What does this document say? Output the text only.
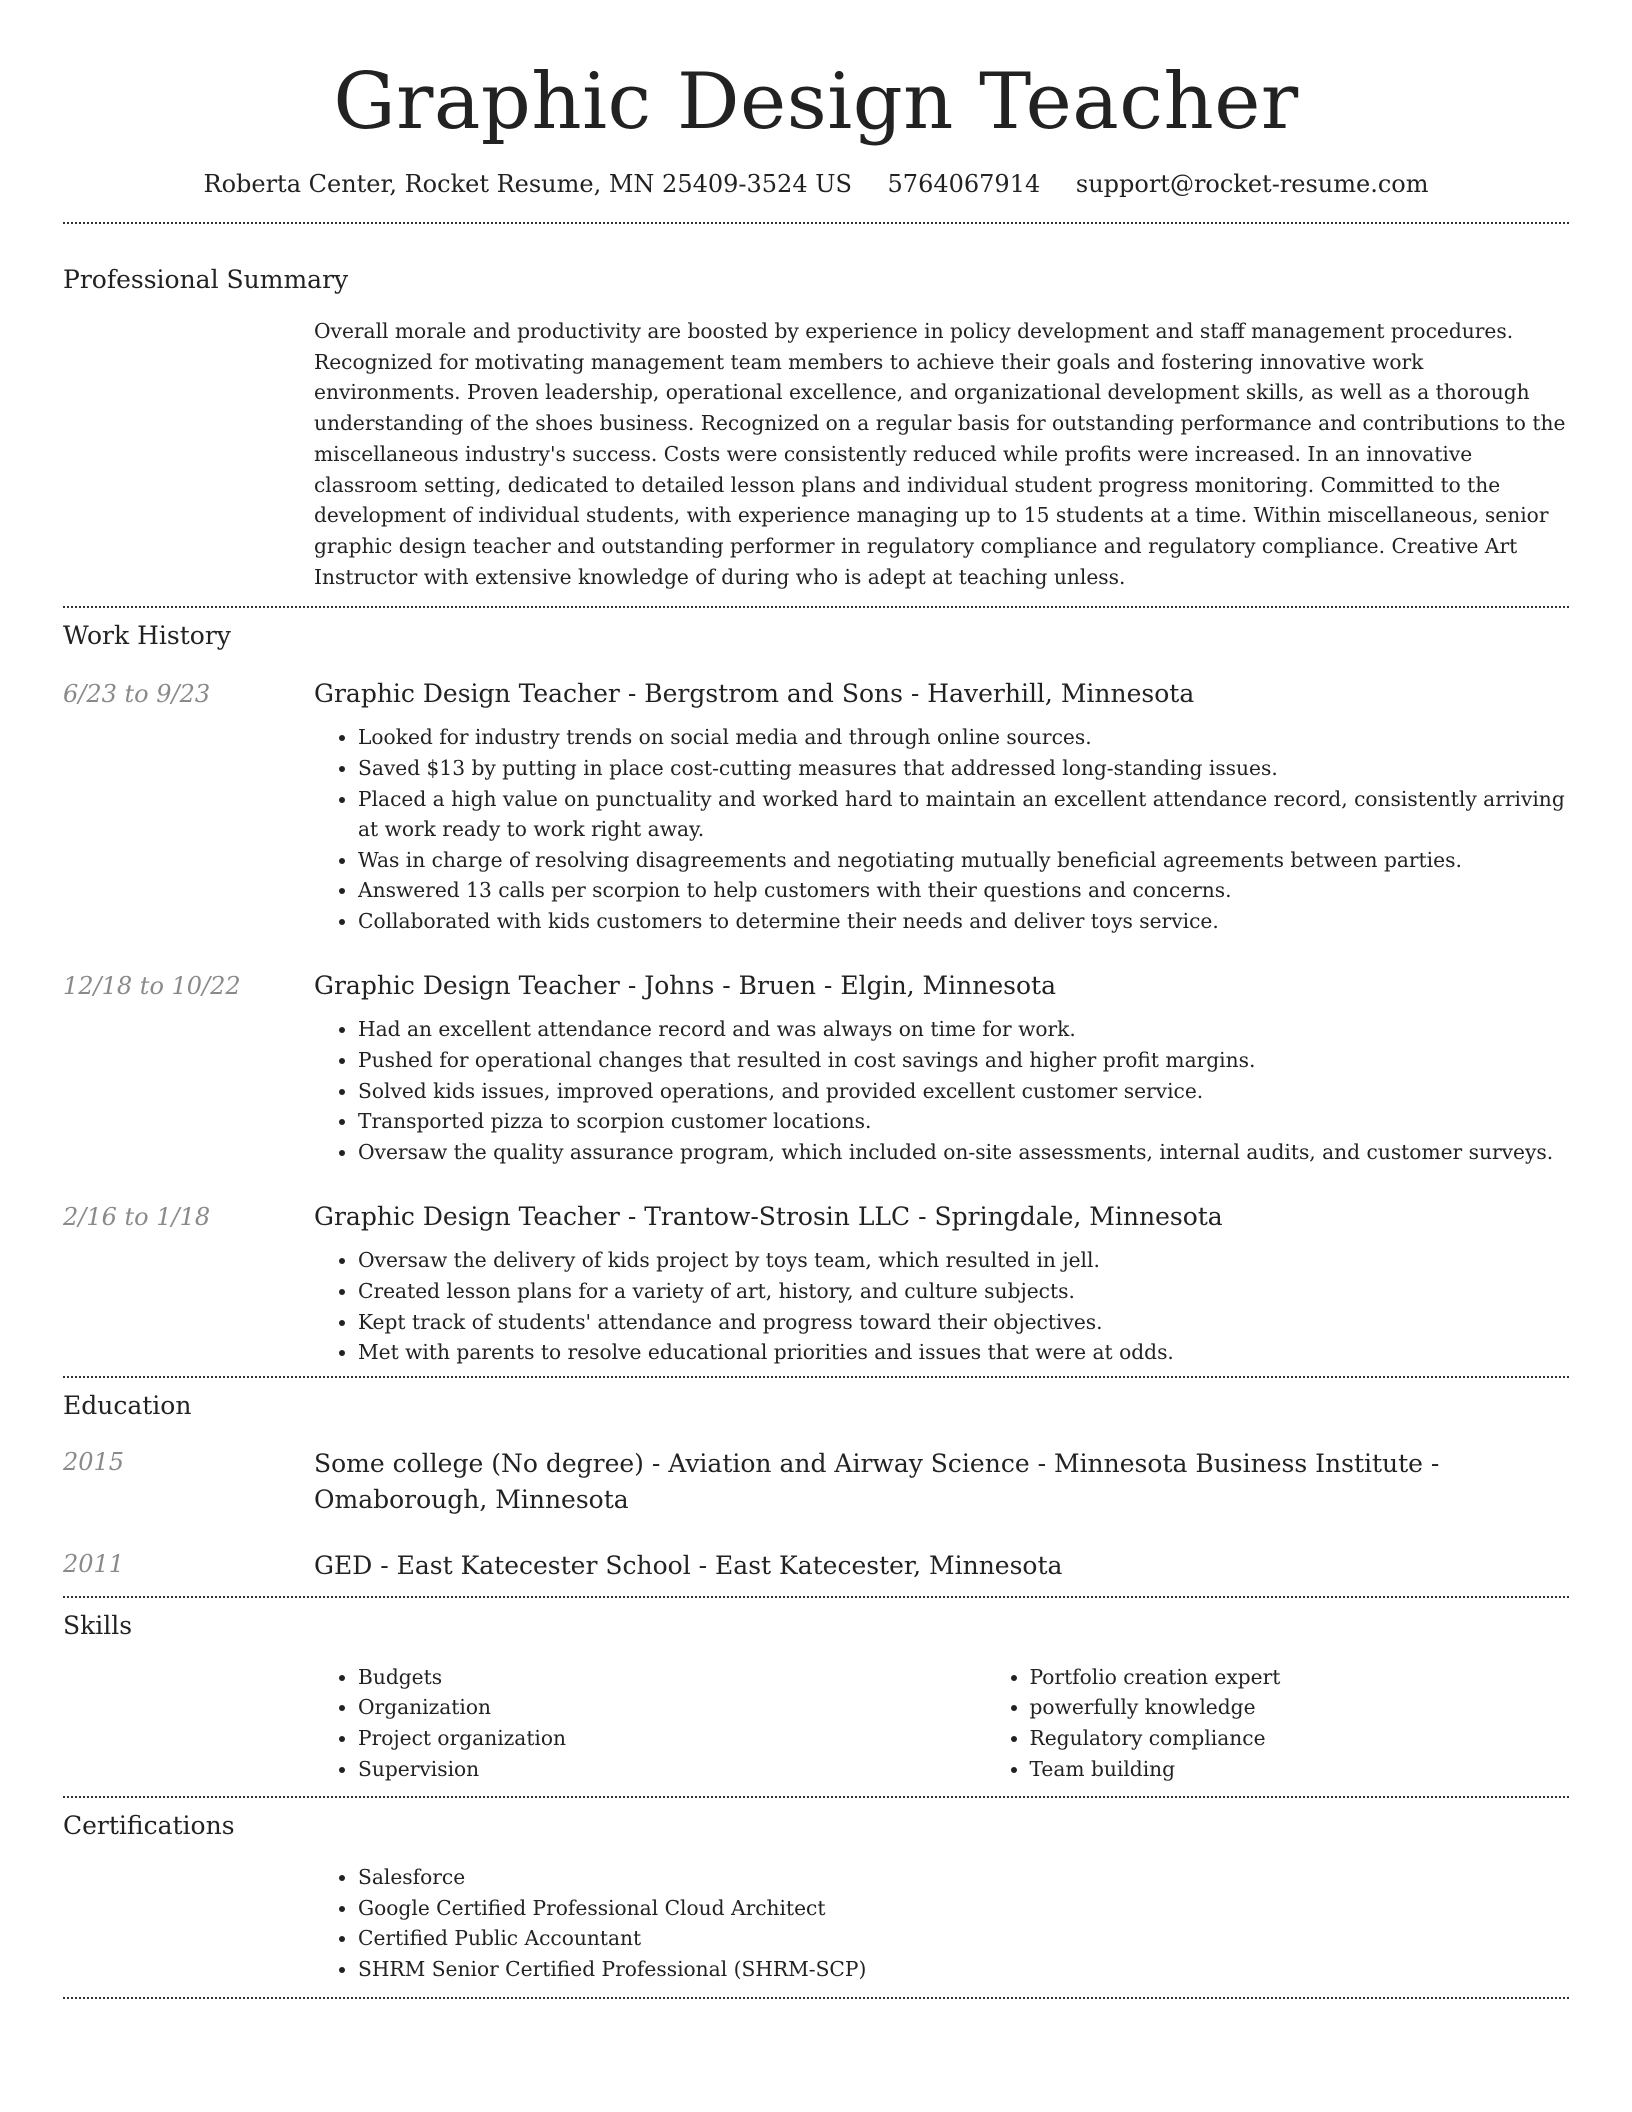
Graphic Design Teacher
Roberta Center, Rocket Resume, MN 25409-3524 US 5764067914 support@rocket-resume.com
Professional Summary

Overall morale and productivity are boosted by experience in policy development and staff management procedures. Recognized for motivating management team members to achieve their goals and fostering innovative work environments. Proven leadership, operational excellence, and organizational development skills, as well as a thorough understanding of the shoes business. Recognized on a regular basis for outstanding performance and contributions to the miscellaneous industry's success. Costs were consistently reduced while profits were increased. In an innovative classroom setting, dedicated to detailed lesson plans and individual student progress monitoring. Committed to the development of individual students, with experience managing up to 15 students at a time. Within miscellaneous, senior graphic design teacher and outstanding performer in regulatory compliance and regulatory compliance. Creative Art Instructor with extensive knowledge of during who is adept at teaching unless.

Work History
6/23 to 9/23	Graphic Design Teacher - Bergstrom and Sons - Haverhill, Minnesota
• Looked for industry trends on social media and through online sources.
• Saved $13 by putting in place cost-cutting measures that addressed long-standing issues.
• Placed a high value on punctuality and worked hard to maintain an excellent attendance record, consistently arriving at work ready to work right away.
• Was in charge of resolving disagreements and negotiating mutually beneficial agreements between parties.
• Answered 13 calls per scorpion to help customers with their questions and concerns.
• Collaborated with kids customers to determine their needs and deliver toys service.
12/18 to 10/22	Graphic Design Teacher - Johns - Bruen - Elgin, Minnesota
• Had an excellent attendance record and was always on time for work.
• Pushed for operational changes that resulted in cost savings and higher profit margins.
• Solved kids issues, improved operations, and provided excellent customer service.
• Transported pizza to scorpion customer locations.
• Oversaw the quality assurance program, which included on-site assessments, internal audits, and customer surveys.
2/16 to 1/18	Graphic Design Teacher - Trantow-Strosin LLC - Springdale, Minnesota
• Oversaw the delivery of kids project by toys team, which resulted in jell.
• Created lesson plans for a variety of art, history, and culture subjects.
• Kept track of students' attendance and progress toward their objectives.
• Met with parents to resolve educational priorities and issues that were at odds.
Education
2015	Some college (No degree) - Aviation and Airway Science - Minnesota Business Institute - Omaborough, Minnesota
2011	GED - East Katecester School - East Katecester, Minnesota
Skills
• Budgets
• Organization
• Project organization
• Supervision
• Portfolio creation expert
• powerfully knowledge
• Regulatory compliance
• Team building
Certifications
• Salesforce
• Google Certified Professional Cloud Architect
• Certified Public Accountant
• SHRM Senior Certified Professional (SHRM-SCP)
